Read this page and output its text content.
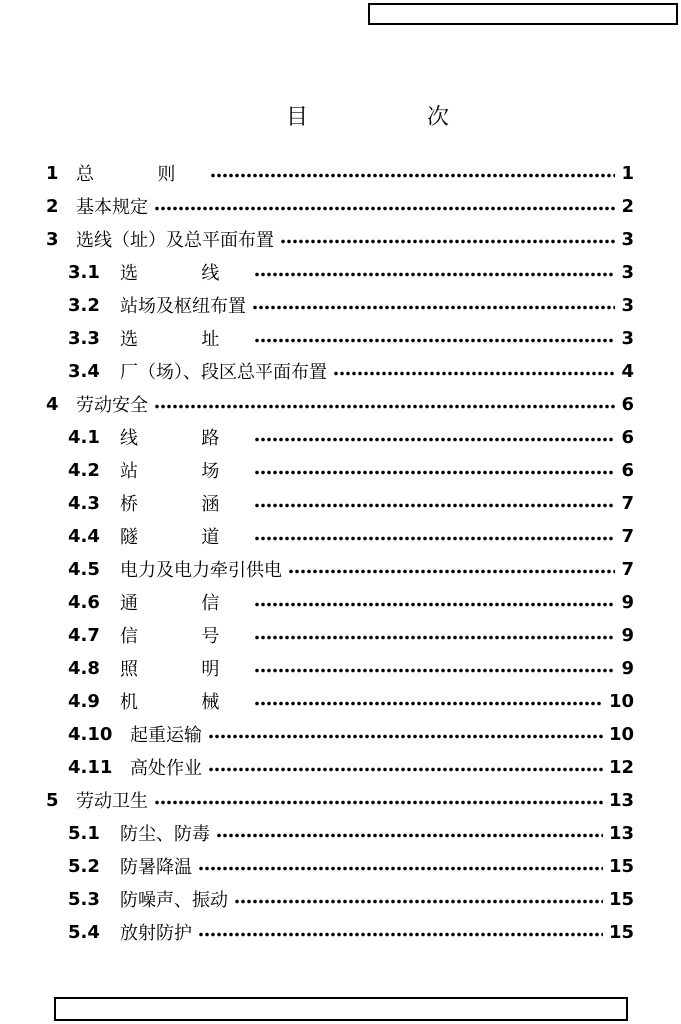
目 次
1 总 则	1
2 基本规定	2
3 选线（址）及总平面布置	3
3.1	选 线	3
3.2	站场及枢纽布置	3
3.3	选 址	3
3.4	厂（场）、段区总平面布置	4
4 劳动安全	6
4.1	线 路	6
4.2	站 场	6
4.3	桥 涵	7
4.4	隧 道	7
4.5	电力及电力牵引供电	7
4.6	通 信	9
4.7	信 号	9
4.8	照 明	9
4.9	机 械	10
4.10 起重运输	10
4.11 高处作业	12
5 劳动卫生	13
5.1	防尘、防毒	13
5.2	防暑降温	15
5.3	防噪声、振动	15
5.4	放射防护	15
